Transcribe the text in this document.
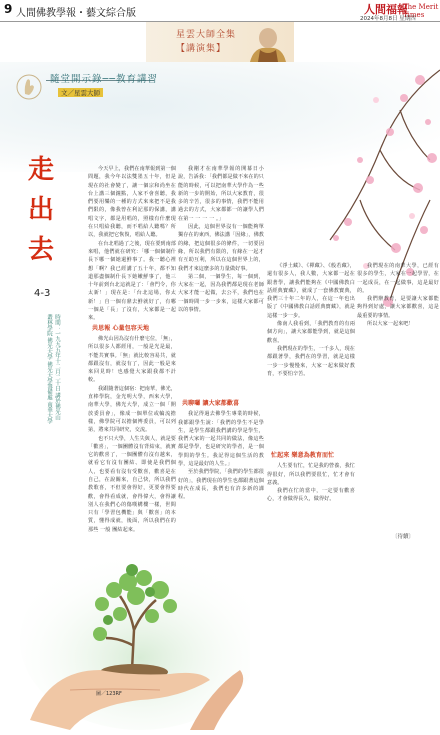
9 人間佛教學報・藝文綜合版	人間福報
The Merit Times
2024年8月8日 星期四
星雲大師全集
【講演集】
隨堂開示錄──教育講習
文／星雲大師
走出去
4-3
時間：一九九五年十二月二十日 講於佛光山叢林學院 佛光大學 佛光大學籌備處 南華大學

今天早上，我們在南華報到第一個問題，我今年以法雙墨五十年，但是現在的社會變了，讓一個宗和尚坐在台上講三個鐘點，人家不會喜聽，我們要用樂的一種的方式來來把不是我們限的，像我曾在利記那的保講，講唱文字，都是用唱的，照樣有什麼現在只唱給我聽，而不唱給人聽嗎？所以，我就把它恢復，唱給人聽。

在台北唱過了之後，現在要到南部來唱，他們就在研究：「哪一個個制什長下哪一個她還鮮事了。我一聽心裡想「啊？我已經講了五十年，都不知道那盡個制什長下她嫩鮮事了，他三十年前到台北這就是了：「會門令，你太新！」現在是：「台北這場，你太新！」自一個有鼎去鮮就好了，有哪一個是「長」了沒有，大家都是一起來。

共思報 心量包容天地

佛光山因為沒有什麼宅位，「無」，所以很多人都經用，一般是光是最，不能共實事。「無」就比較容易共，就都跟沒有，就沒有了，因此一般是來來回見時！也感覺大家跟我都不計較。

我跟隨著這個宿：把南華，佛光，直棒學院，金光明大學，西來大學，南華大學，佛光大學，成立一個「開放委員會」，像成一個單位或輪流擔樣，佛學院可以擔個博委員，可以列第，將來共同研究，交流。

也不只大學，人生失與人，就是要「歡喜」，一個團體沒有背結束，就實它的歡喜了，一個團體有沒有越來，就看它有沒有團結、即使是我們個人，也要看有沒有受歡喜，歡喜是在自己，在說關來，自己快，所以我們教歌喜，不但要會得好，更要會得要歡，會得看成就，會得偉大，會得讓別人在我們心的傷嘆構樓一樣，世間只有「學習包機能」與「歡喜」的本質，懂得成就，後面，所以我們在的那些 一般 團結起來。

我剛才在南華學報的開幕日小說，告訴我：「我們都是做不來在的只能的時候，可以把南華大學作為一些新的一步的開始，所以大家教育，很多的辛苦，很多的事情，我們不能用過去的方式，大家都都一的讓學人們在第一 一 一 一 。」

因此，這個世界沒有一個能夠單獨存在的東西，佛法講「因緣」，佛教的緣，把這個很多的條件，一切要因緣，所以我們有限的，有緣在一起才有互助互利，所以在這個世界上的，我們才來這麼多的力量做好事。

第二個，一個學生，每一個到，大家在一起，因為我們都是現在老師大家才能一起做，去公平，我們也在一個時間一步一步來，這樣大家都可以的事情。

共聊囉 讓大家都歡喜

我記得過去佛學生專業的時候，我都跟學生說：「我們的學生不是學生，是學生都跟我們講的學是學生，我們大家的一起共同的做法，像這些都是學學，也是研究的學者，是一個學問的學生。我記得這個生活的教學，這是最好的人生。」

至於我們學院，「我們的學生都很好的」，我們現在的學生也都跟著這個時代在成長，我們也有許多新的課程。

《淨土藏》、《禪藏》、《般若藏》，還有很多人，我人數，大家都一起在跟著學，讓我們能夠在《中國佛教白話經典寶藏》，就成了一套佛教寶典，我們三十年二年的人，在這一年也出版了《中國佛教白話經典寶藏》，就是這樣一步一步。

像南人我看到，「我們教育的有兩個方向」，讓大家都能學到，就是這個歡喜。

我們現在的學生，一千多人，現在都跟著學，我們在的學習，就是這樣一步一步慢慢來，大家一起來做好教育，不要怕辛苦。

忙起來 樂意為教育而忙

人生要有忙，忙是我的營養，我忙得很好，所以我們要很忙，忙才會有意義。

我們在忙的當中，一定要有歡喜心，才會做得長久，做得好。

我們現在的南華大學，已經有很多的學生，大家在一起學習，在一起成長，在一起做事，這是最好的。

我們辦教育，是要讓大家都能夠得到好處，讓大家都歡喜，這是最重要的事情。

所以大家一起來吧！

〔待續〕
圖／123RF
